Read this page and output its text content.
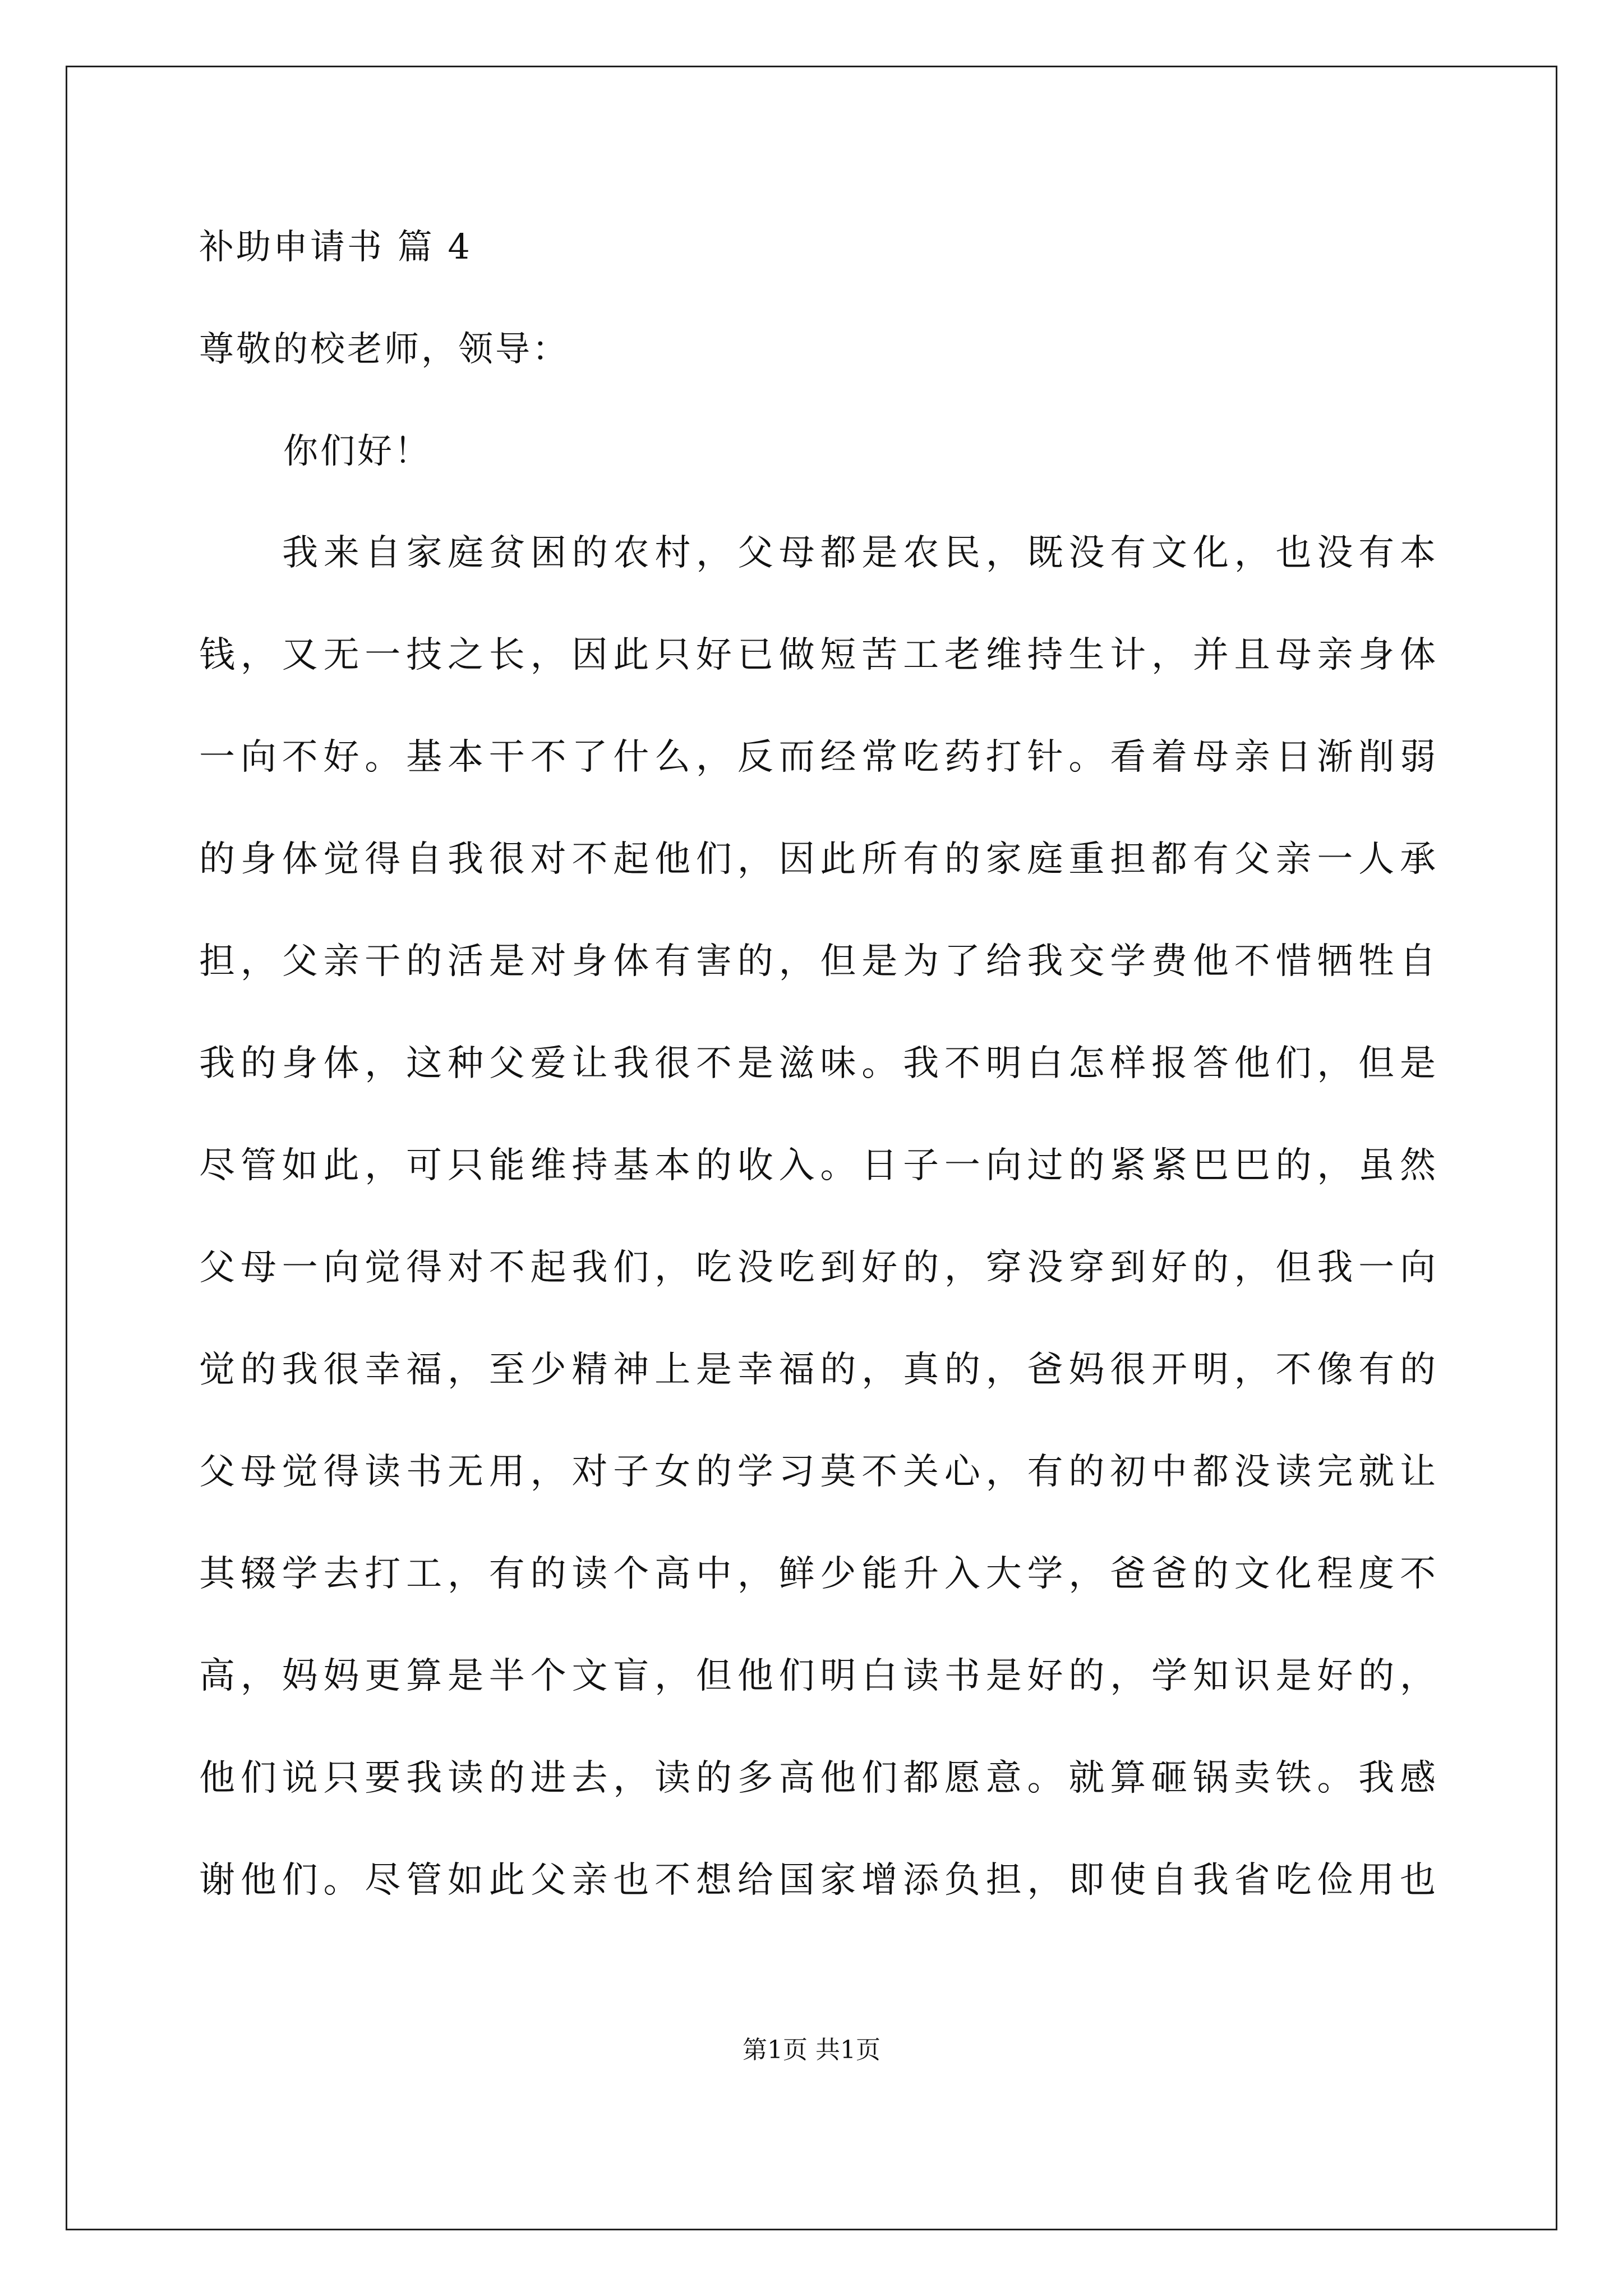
补助申请书 篇 4

尊敬的校老师，领导：

你们好！

我来自家庭贫困的农村，父母都是农民，既没有文化，也没有本
钱，又无一技之长，因此只好已做短苦工老维持生计，并且母亲身体
一向不好。基本干不了什么，反而经常吃药打针。看着母亲日渐削弱
的身体觉得自我很对不起他们，因此所有的家庭重担都有父亲一人承
担，父亲干的活是对身体有害的，但是为了给我交学费他不惜牺牲自
我的身体，这种父爱让我很不是滋味。我不明白怎样报答他们，但是
尽管如此，可只能维持基本的收入。日子一向过的紧紧巴巴的，虽然
父母一向觉得对不起我们，吃没吃到好的，穿没穿到好的，但我一向
觉的我很幸福，至少精神上是幸福的，真的，爸妈很开明，不像有的
父母觉得读书无用，对子女的学习莫不关心，有的初中都没读完就让
其辍学去打工，有的读个高中，鲜少能升入大学，爸爸的文化程度不
高，妈妈更算是半个文盲，但他们明白读书是好的，学知识是好的，
他们说只要我读的进去，读的多高他们都愿意。就算砸锅卖铁。我感
谢他们。尽管如此父亲也不想给国家增添负担，即使自我省吃俭用也
第1页 共1页
